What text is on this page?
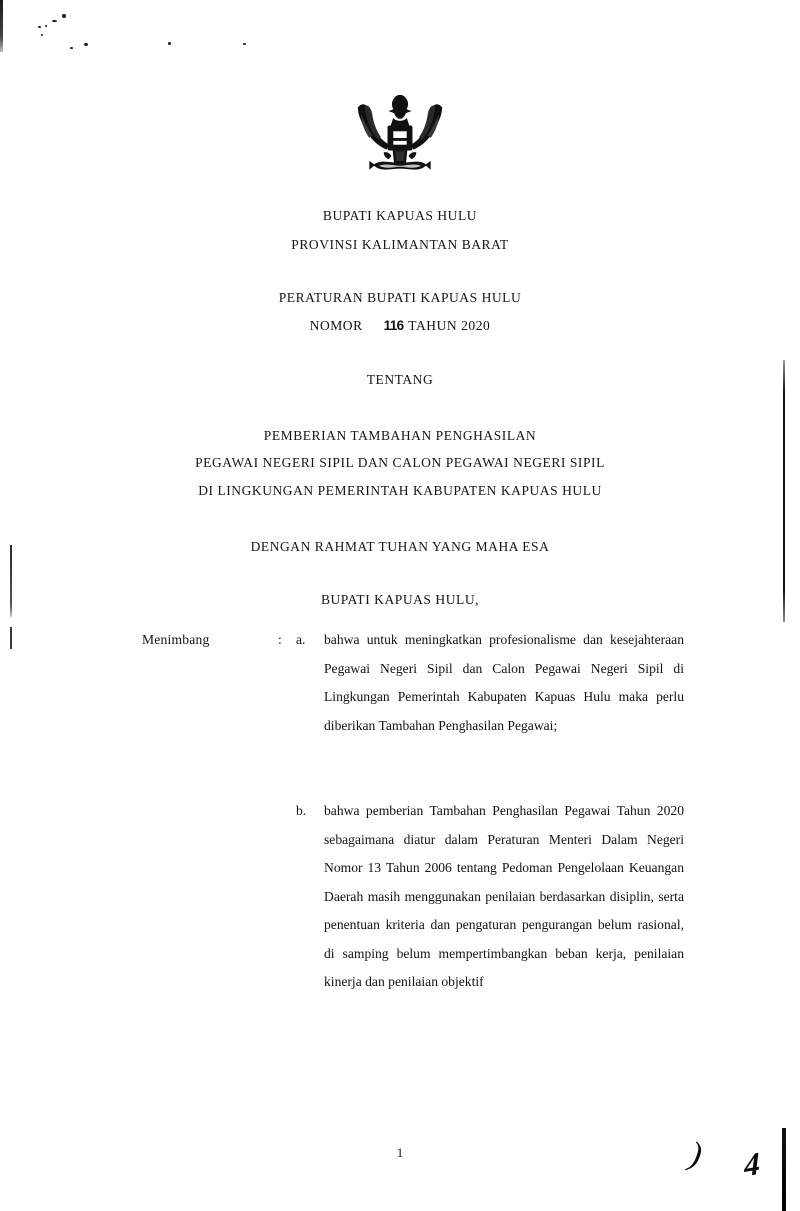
BUPATI KAPUAS HULU
PROVINSI KALIMANTAN BARAT
PERATURAN BUPATI KAPUAS HULU
NOMOR 116 TAHUN 2020
TENTANG
PEMBERIAN TAMBAHAN PENGHASILAN
PEGAWAI NEGERI SIPIL DAN CALON PEGAWAI NEGERI SIPIL
DI LINGKUNGAN PEMERINTAH KABUPATEN KAPUAS HULU
DENGAN RAHMAT TUHAN YANG MAHA ESA
BUPATI KAPUAS HULU,
Menimbang	:	a.	bahwa untuk meningkatkan profesionalisme dan kesejahteraan Pegawai Negeri Sipil dan Calon Pegawai Negeri Sipil di Lingkungan Pemerintah Kabupaten Kapuas Hulu maka perlu diberikan Tambahan Penghasilan Pegawai;

b.	bahwa pemberian Tambahan Penghasilan Pegawai Tahun 2020 sebagaimana diatur dalam Peraturan Menteri Dalam Negeri Nomor 13 Tahun 2006 tentang Pedoman Pengelolaan Keuangan Daerah masih menggunakan penilaian berdasarkan disiplin, serta penentuan kriteria dan pengaturan pengurangan belum rasional, di samping belum mempertimbangkan beban kerja, penilaian kinerja dan penilaian objektif

1	) 4
